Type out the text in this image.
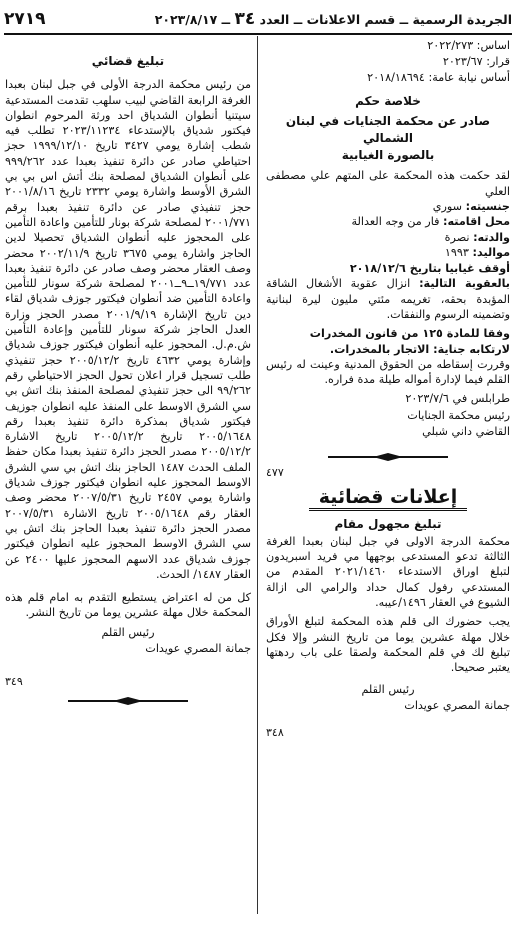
الجريدة الرسمية ــ قسم الاعلانات ــ العدد ٣٤ ــ ٢٠٢٣/٨/١٧
٢٧١٩

اساس: ٢٠٢٢/٢٧٣

قرار: ٢٠٢٣/٦٧

أساس نيابة عامة: ٢٠١٨/١٨٦٩٤

خلاصة حكم
صادر عن محكمة الجنايات في لبنان الشمالي
بالصورة الغيابية

لقد حكمت هذه المحكمة على المتهم علي مصطفى العلي

جنسيته: سوري

محل اقامته: فار من وجه العدالة

والدته: نصرة

مواليد: ١٩٩٣

أوقف غيابيا بتاريخ ٢٠١٨/١٢/٦

بالعقوبة التالية: انزال عقوبة الأشغال الشاقة المؤبدة بحقه، تغريمه مئتي مليون ليرة لبنانية وتضمينه الرسوم والنفقات.

وفقا للمادة ١٢٥ من قانون المخدرات

لارتكابه جناية: الاتجار بالمخدرات.

وقررت إسقاطه من الحقوق المدنية وعينت له رئيس القلم فيما لإدارة أمواله طيلة مدة فراره.

طرابلس في ٢٠٢٣/٧/٦

رئيس محكمة الجنايات

القاضي داني شبلي

٤٧٧
إعلانات قضائية
تبليغ مجهول مقام

محكمة الدرجة الاولى في جبل لبنان بعبدا الغرفة الثالثة تدعو المستدعى بوجهها مي فريد اسبريدون لتبلغ اوراق الاستدعاء ٢٠٢١/١٤٦٠ المقدم من المستدعي رفول كمال حداد والرامي الى ازالة الشيوع في العقار ١٤٩٦/عيبه.

يجب حضورك الى قلم هذه المحكمة لتبلغ الأوراق خلال مهلة عشرين يوما من تاريخ النشر وإلا فكل تبليغ لك في قلم المحكمة ولصقا على باب ردهتها يعتبر صحيحا.

رئيس القلم

جمانة المصري عويدات

٣٤٨
تبليغ قضائي

من رئيس محكمة الدرجة الأولى في جبل لبنان بعبدا الغرفة الرابعة القاضي لبيب سلهب تقدمت المستدعية سيتنيا أنطوان الشدياق احد ورثة المرحوم انطوان فيكتور شدياق بالإستدعاء ٢٠٢٣/١١٢٣٤ تطلب فيه شطب إشارة يومي ٣٤٢٧ تاريخ ١٩٩٩/١٢/١٠ حجز احتياطي صادر عن دائرة تنفيذ بعبدا عدد ٩٩٩/٢٦٢ على أنطوان الشدياق لمصلحة بنك أتش اس بي بي الشرق الأوسط واشارة يومي ٢٣٣٢ تاريخ ٢٠٠١/٨/١٦ حجز تنفيذي صادر عن دائرة تنفيذ بعبدا برقم ٢٠٠١/٧٧١ لمصلحة شركة بونار للتأمين واعادة التأمين على المحجوز عليه أنطوان الشدياق تحصيلا لدين الحاجز واشارة يومي ٣٦٧٥ تاريخ ٢٠٠٢/١١/٩ محضر وصف العقار محضر وصف صادر عن دائرة تنفيذ بعبدا عدد ١٩/٧٧١ــ٩ــ٢٠٠١ لمصلحة شركة سونار للتأمين واعادة التأمين ضد أنطوان فيكتور جوزف شدياق لقاء دين تاريخ الإشارة ٢٠٠١/٩/١٩ مصدر الحجز وزارة العدل الحاجز شركة سونار للتأمين وإعادة التأمين ش.م.ل. المحجوز عليه أنطوان فيكتور جوزف شدياق وإشارة يومي ٤٦٣٢ تاريخ ٢٠٠٥/١٢/٢ حجز تنفيذي طلب تسجيل قرار اعلان تحول الحجز الاحتياطي رقم ٩٩/٢٦٢ الى حجز تنفيذي لمصلحة المنفذ بنك اتش بي سي الشرق الاوسط على المنفذ عليه انطوان جوزيف فيكتور شدياق بمذكرة دائرة تنفيذ بعبدا رقم ٢٠٠٥/١٦٤٨ تاريخ ٢٠٠٥/١٢/٢ تاريخ الاشارة ٢٠٠٥/١٢/٢ مصدر الحجز دائرة تنفيذ بعبدا مكان حفظ الملف الحدث ١٤٨٧ الحاجز بنك اتش بي سي الشرق الاوسط المحجوز عليه انطوان فيكتور جوزف شدياق واشارة يومي ٢٤٥٧ تاريخ ٢٠٠٧/٥/٣١ محضر وصف العقار رقم ٢٠٠٥/١٦٤٨ تاريخ الاشارة ٢٠٠٧/٥/٣١ مصدر الحجز دائرة تنفيذ بعبدا الحاجز بنك اتش بي سي الشرق الاوسط المحجوز عليه انطوان فيكتور جوزف شدياق عدد الاسهم المحجوز عليها ٢٤٠٠ عن العقار ١٤٨٧/ الحدث.

كل من له اعتراض يستطيع التقدم به امام قلم هذه المحكمة خلال مهلة عشرين يوما من تاريخ النشر.

رئيس القلم

جمانة المصري عويدات

٣٤٩
